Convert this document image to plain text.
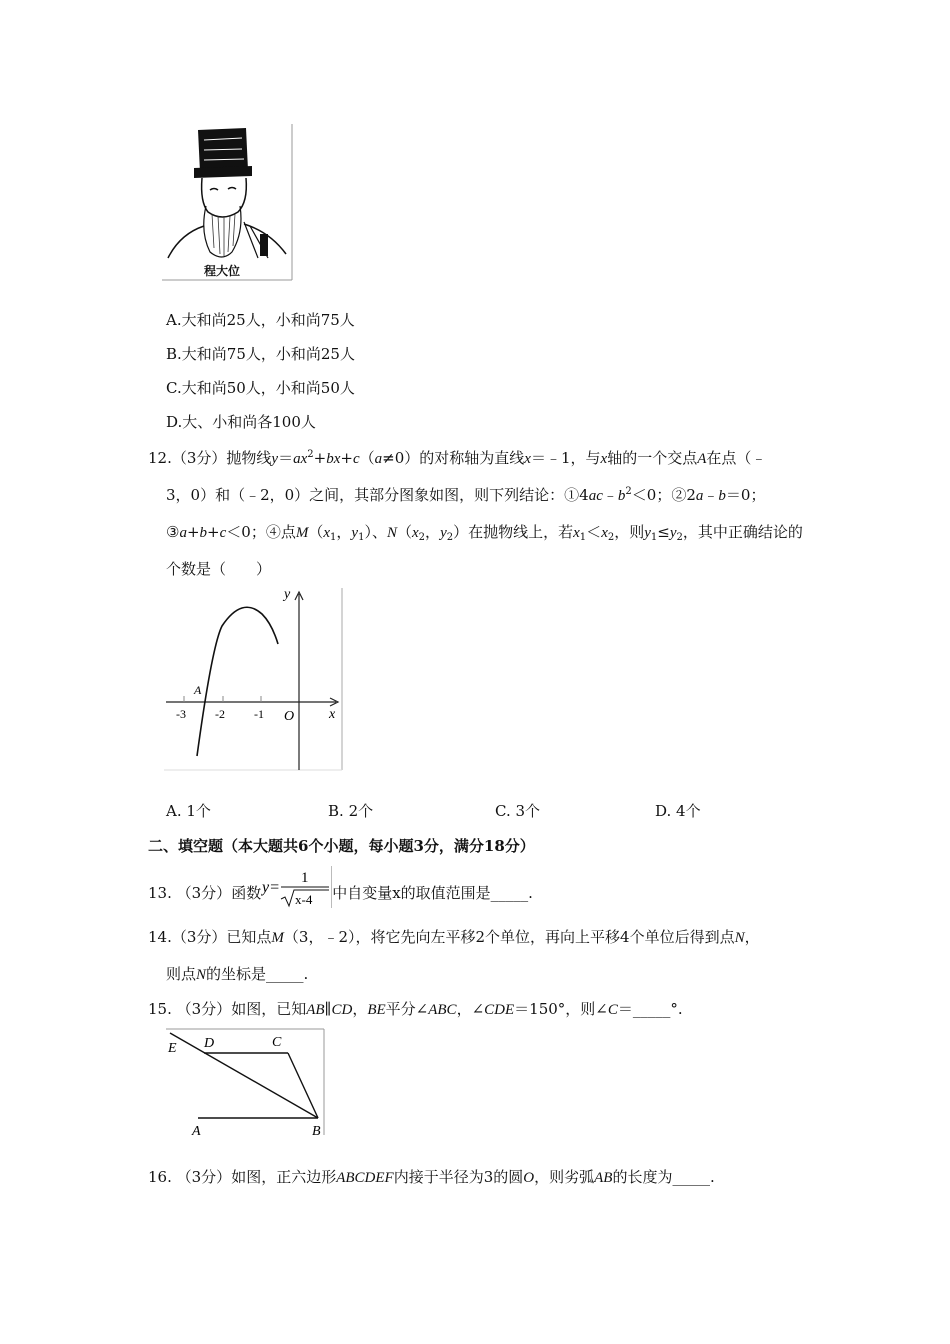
程大位
A.大和尚25人，小和尚75人
B.大和尚75人，小和尚25人
C.大和尚50人，小和尚50人
D.大、小和尚各100人
12.（3分）抛物线$y=ax^2+bx+c(a\ne 0)$的对称轴为直线x＝﹣1，与x轴的一个交点A在点（﹣
3，0）和（﹣2，0）之间，其部分图象如图，则下列结论：$①4ac﹣b^2<0$；②2a﹣b＝0；
③a+b+c＜0；④点$M(x_1$，$y_1$）、$N(x_2$，$y_2$）在抛物线上，若$x_1<x_2$，则$y_1\le y_2$，其中正确结论的
个数是（　　）
-3 -2 -1 O x
y
A
A. 1个	B. 2个	C. 3个	D. 4个
二、填空题（本大题共6个小题，每小题3分，满分18分）
13. （3分）函数 y=
1
x-4 中自变量x的取值范围是_____.
14.（3分）已知点M（3，﹣2），将它先向左平移2个单位，再向上平移4个单位后得到点N，
则点N的坐标是_____.
15. （3分）如图，已知AB∥CD，BE平分∠ABC，∠CDE＝150°，则∠C＝_____°.
E D	C
A	B
16. （3分）如图，正六边形ABCDEF内接于半径为3的圆O，则劣弧AB的长度为_____.
